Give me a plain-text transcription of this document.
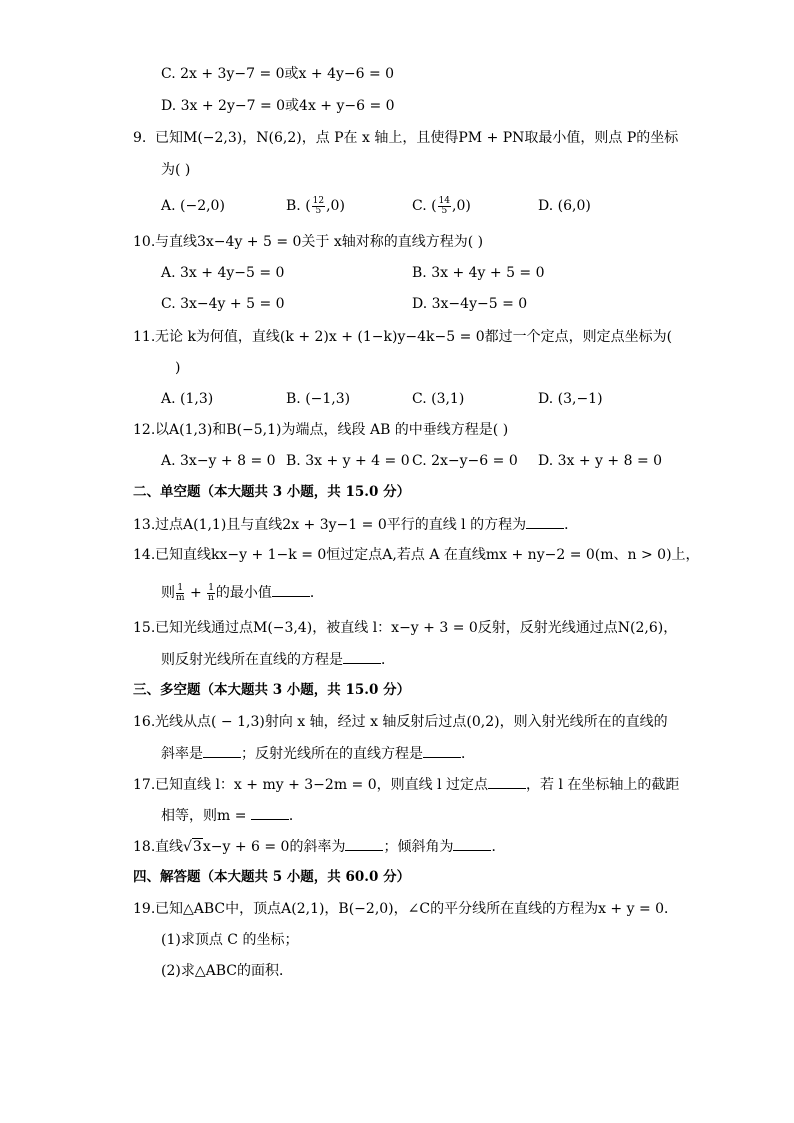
C. 2x + 3y−7 = 0或x + 4y−6 = 0
D. 3x + 2y−7 = 0或4x + y−6 = 0
9. 已知M(−2,3)，N(6,2)，点 P在 x 轴上，且使得PM + PN取最小值，则点 P的坐标
为( )
A. (−2,0)	B. ( $\frac{12}{5} ,0$)	C. ( $\frac{14}{5} ,0$)	D. (6,0)
10.与直线3x−4y + 5 = 0关于 x轴对称的直线方程为( )
A. 3x + 4y−5 = 0	B. 3x + 4y + 5 = 0
C. 3x−4y + 5 = 0	D. 3x−4y−5 = 0
11.无论 k为何值，直线(k + 2)x + (1−k)y−4k−5 = 0都过一个定点，则定点坐标为(
)
A. (1,3)	B. (−1,3)	C. (3,1)	D. (3,−1)
12.以A(1,3)和B(−5,1)为端点，线段 AB 的中垂线方程是( )
A. 3x−y + 8 = 0 B. 3x + y + 4 = 0 C. 2x−y−6 = 0 D. 3x + y + 8 = 0
二、单空题（本大题共 3 小题，共 15.0 分）
13.过点A(1,1)且与直线2x + 3y−1 = 0平行的直线 l 的方程为	．
14.已知直线kx−y + 1−k = 0恒过定点A,若点 A 在直线mx + ny−2 = 0(m、n > 0)上，
则 $\frac{1}{m} + \frac{1}{n}$ 的最小值	．
15.已知光线通过点M(−3,4)，被直线 l：x−y + 3 = 0反射，反射光线通过点N(2,6)，
则反射光线所在直线的方程是	．
三、多空题（本大题共 3 小题，共 15.0 分）
16.光线从点( − 1,3)射向 x 轴，经过 x 轴反射后过点(0,2)，则入射光线所在的直线的
斜率是	；反射光线所在的直线方程是	．
17.已知直线 l：x + my + 3−2m = 0，则直线 l 过定点	，若 l 在坐标轴上的截距
相等，则m =	．
18.直线√3x−y + 6 = 0的斜率为	；倾斜角为	．
四、解答题（本大题共 5 小题，共 60.0 分）
19.已知△ABC中，顶点A(2,1)，B(−2,0)，∠C的平分线所在直线的方程为x + y = 0．
(1)求顶点 C 的坐标；
(2)求△ABC的面积．
